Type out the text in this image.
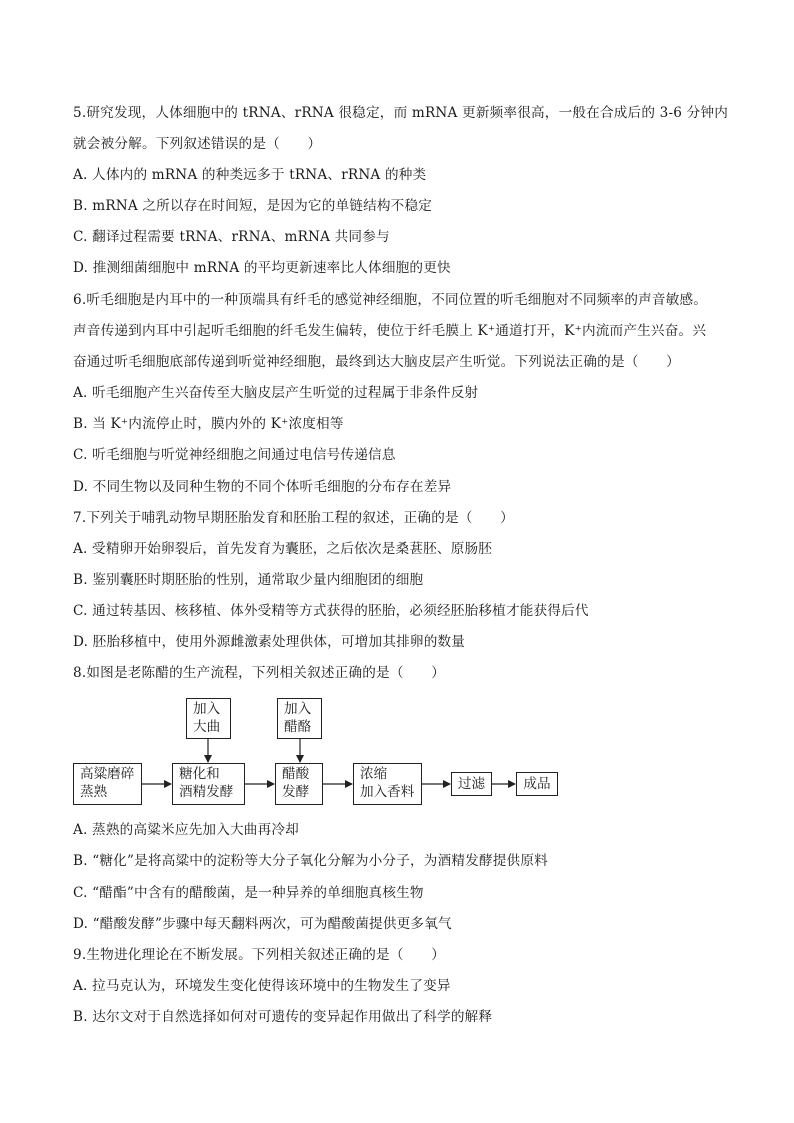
5.研究发现，人体细胞中的 tRNA、rRNA 很稳定，而 mRNA 更新频率很高，一般在合成后的 3-6 分钟内
就会被分解。下列叙述错误的是（　　）
A. 人体内的 mRNA 的种类远多于 tRNA、rRNA 的种类
B. mRNA 之所以存在时间短，是因为它的单链结构不稳定
C. 翻译过程需要 tRNA、rRNA、mRNA 共同参与
D. 推测细菌细胞中 mRNA 的平均更新速率比人体细胞的更快
6.听毛细胞是内耳中的一种顶端具有纤毛的感觉神经细胞，不同位置的听毛细胞对不同频率的声音敏感。
声音传递到内耳中引起听毛细胞的纤毛发生偏转，使位于纤毛膜上 K⁺通道打开，K⁺内流而产生兴奋。兴
奋通过听毛细胞底部传递到听觉神经细胞，最终到达大脑皮层产生听觉。下列说法正确的是（　　）
A. 听毛细胞产生兴奋传至大脑皮层产生听觉的过程属于非条件反射
B. 当 K⁺内流停止时，膜内外的 K⁺浓度相等
C. 听毛细胞与听觉神经细胞之间通过电信号传递信息
D. 不同生物以及同种生物的不同个体听毛细胞的分布存在差异
7.下列关于哺乳动物早期胚胎发育和胚胎工程的叙述，正确的是（　　）
A. 受精卵开始卵裂后，首先发育为囊胚，之后依次是桑葚胚、原肠胚
B. 鉴别囊胚时期胚胎的性别，通常取少量内细胞团的细胞
C. 通过转基因、核移植、体外受精等方式获得的胚胎，必须经胚胎移植才能获得后代
D. 胚胎移植中，使用外源雌激素处理供体，可增加其排卵的数量
8.如图是老陈醋的生产流程，下列相关叙述正确的是（　　）
加入
大曲
加入
醋酪
高粱磨碎
蒸熟
糖化和
酒精发酵
醋酸
发酵
浓缩
加入香料	过滤	成品
A. 蒸熟的高粱米应先加入大曲再冷却
B. “糖化”是将高粱中的淀粉等大分子氧化分解为小分子，为酒精发酵提供原料
C. “醋酯”中含有的醋酸菌，是一种异养的单细胞真核生物
D. “醋酸发酵”步骤中每天翻料两次，可为醋酸菌提供更多氧气
9.生物进化理论在不断发展。下列相关叙述正确的是（　　）
A. 拉马克认为，环境发生变化使得该环境中的生物发生了变异
B. 达尔文对于自然选择如何对可遗传的变异起作用做出了科学的解释
